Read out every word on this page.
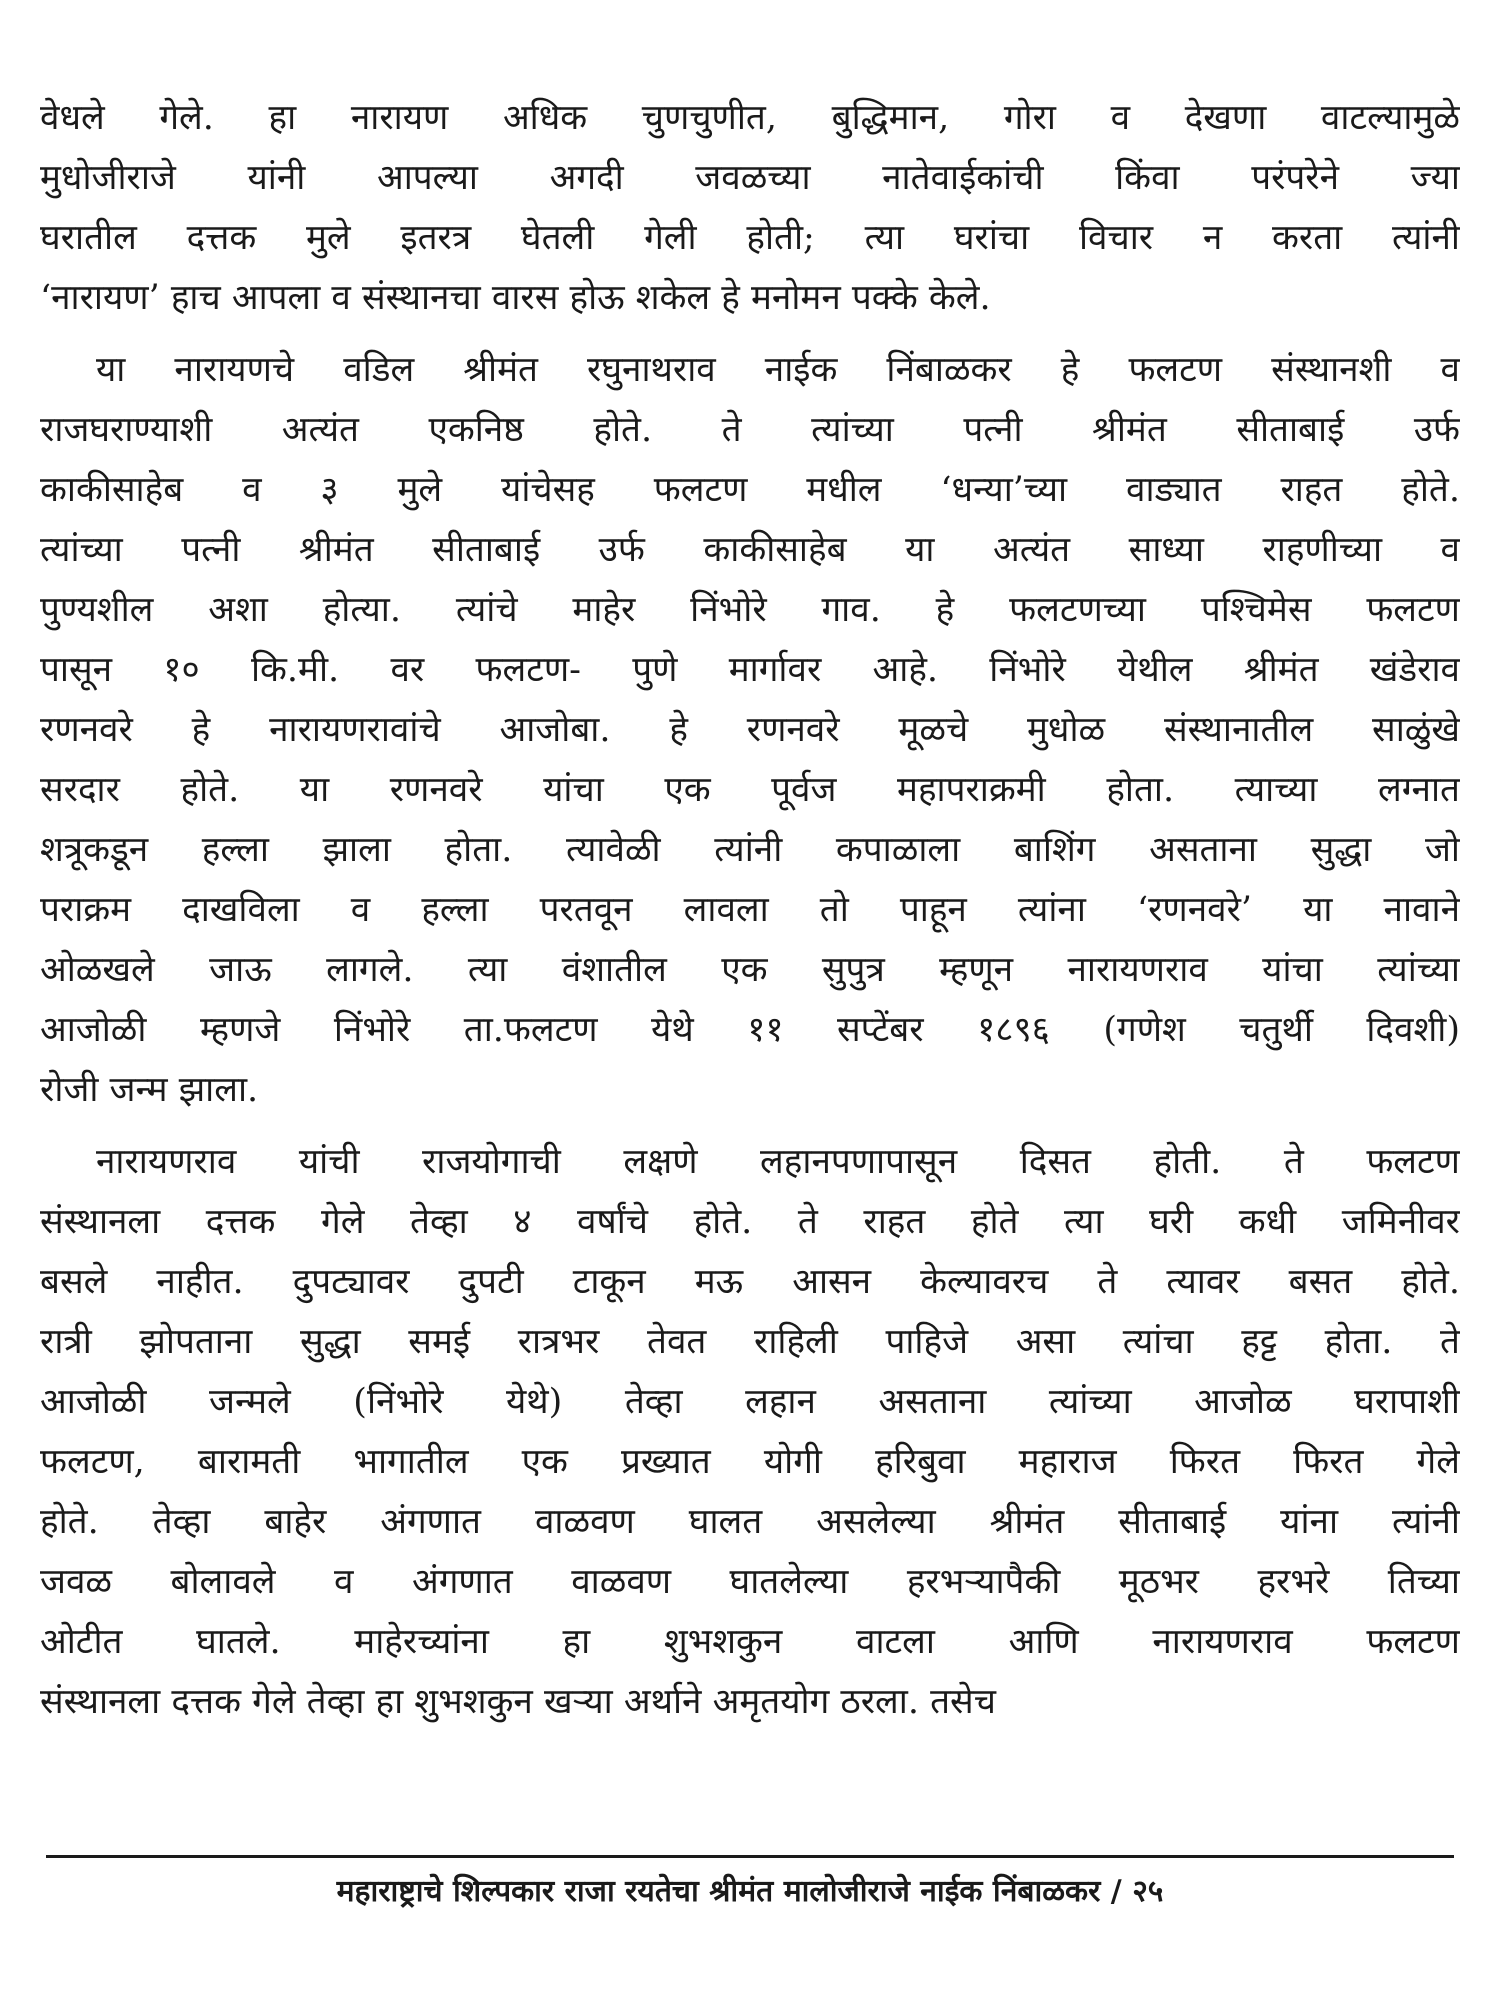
वेधले गेले. हा नारायण अधिक चुणचुणीत, बुद्धिमान, गोरा व देखणा वाटल्यामुळे
मुधोजीराजे यांनी आपल्या अगदी जवळच्या नातेवाईकांची किंवा परंपरेने ज्या
घरातील दत्तक मुले इतरत्र घेतली गेली होती; त्या घरांचा विचार न करता त्यांनी
‘नारायण’ हाच आपला व संस्थानचा वारस होऊ शकेल हे मनोमन पक्के केले.
या नारायणचे वडिल श्रीमंत रघुनाथराव नाईक निंबाळकर हे फलटण संस्थानशी व
राजघराण्याशी अत्यंत एकनिष्ठ होते. ते त्यांच्या पत्नी श्रीमंत सीताबाई उर्फ
काकीसाहेब व ३ मुले यांचेसह फलटण मधील ‘धन्या’च्या वाड्यात राहत होते.
त्यांच्या पत्नी श्रीमंत सीताबाई उर्फ काकीसाहेब या अत्यंत साध्या राहणीच्या व
पुण्यशील अशा होत्या. त्यांचे माहेर निंभोरे गाव. हे फलटणच्या पश्चिमेस फलटण
पासून १० कि.मी. वर फलटण- पुणे मार्गावर आहे. निंभोरे येथील श्रीमंत खंडेराव
रणनवरे हे नारायणरावांचे आजोबा. हे रणनवरे मूळचे मुधोळ संस्थानातील साळुंखे
सरदार होते. या रणनवरे यांचा एक पूर्वज महापराक्रमी होता. त्याच्या लग्नात
शत्रूकडून हल्ला झाला होता. त्यावेळी त्यांनी कपाळाला बाशिंग असताना सुद्धा जो
पराक्रम दाखविला व हल्ला परतवून लावला तो पाहून त्यांना ‘रणनवरे’ या नावाने
ओळखले जाऊ लागले. त्या वंशातील एक सुपुत्र म्हणून नारायणराव यांचा त्यांच्या
आजोळी म्हणजे निंभोरे ता.फलटण येथे ११ सप्टेंबर १८९६ (गणेश चतुर्थी दिवशी)
रोजी जन्म झाला.
नारायणराव यांची राजयोगाची लक्षणे लहानपणापासून दिसत होती. ते फलटण
संस्थानला दत्तक गेले तेव्हा ४ वर्षांचे होते. ते राहत होते त्या घरी कधी जमिनीवर
बसले नाहीत. दुपट्यावर दुपटी टाकून मऊ आसन केल्यावरच ते त्यावर बसत होते.
रात्री झोपताना सुद्धा समई रात्रभर तेवत राहिली पाहिजे असा त्यांचा हट्ट होता. ते
आजोळी जन्मले (निंभोरे येथे) तेव्हा लहान असताना त्यांच्या आजोळ घरापाशी
फलटण, बारामती भागातील एक प्रख्यात योगी हरिबुवा महाराज फिरत फिरत गेले
होते. तेव्हा बाहेर अंगणात वाळवण घालत असलेल्या श्रीमंत सीताबाई यांना त्यांनी
जवळ बोलावले व अंगणात वाळवण घातलेल्या हरभऱ्यापैकी मूठभर हरभरे तिच्या
ओटीत घातले. माहेरच्यांना हा शुभशकुन वाटला आणि नारायणराव फलटण
संस्थानला दत्तक गेले तेव्हा हा शुभशकुन खऱ्या अर्थाने अमृतयोग ठरला. तसेच
महाराष्ट्राचे शिल्पकार राजा रयतेचा श्रीमंत मालोजीराजे नाईक निंबाळकर / २५
